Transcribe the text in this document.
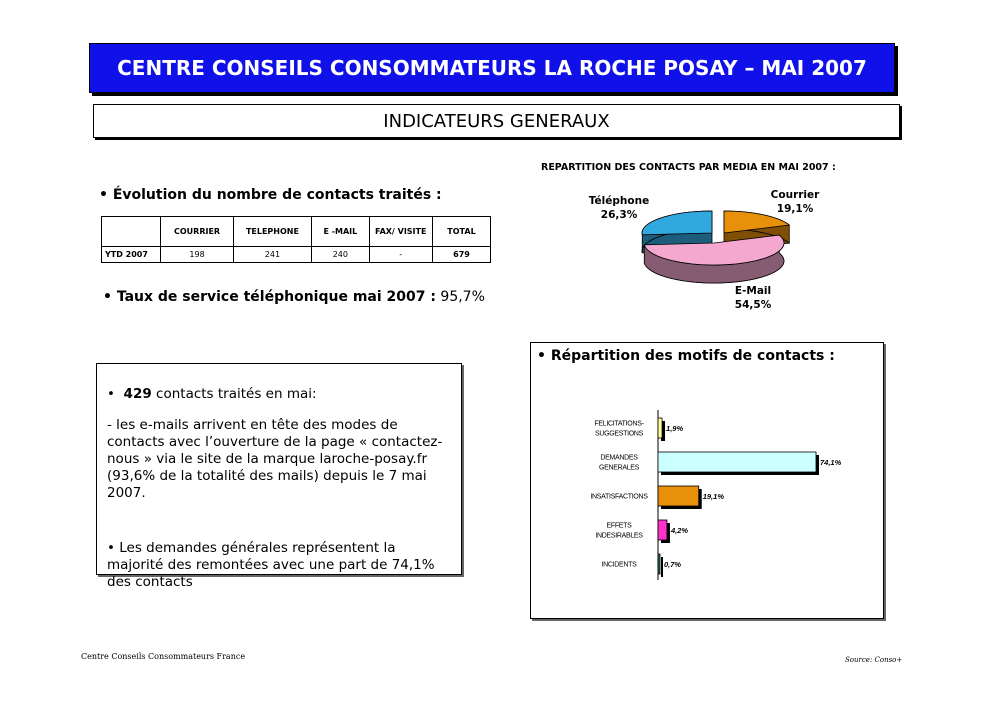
CENTRE CONSEILS CONSOMMATEURS LA ROCHE POSAY – MAI 2007
INDICATEURS GENERAUX
• Évolution du nombre de contacts traités :
	COURRIER	TELEPHONE	E -MAIL	FAX/ VISITE	TOTAL
YTD 2007	198	241	240	-	679
• Taux de service téléphonique mai 2007 : 95,7%
•  429 contacts traités en mai:
- les e-mails arrivent en tête des modes de contacts avec l’ouverture de la page « contactez-nous » via le site de la marque laroche-posay.fr (93,6% de la totalité des mails) depuis le 7 mai 2007.
• Les demandes générales représentent la majorité des remontées avec une part de 74,1% des contacts
REPARTITION DES CONTACTS PAR MEDIA EN MAI 2007 :
Téléphone
26,3%
Courrier
19,1%
E-Mail
54,5%
• Répartition des motifs de contacts :
1,9%
FELICITATIONS-
SUGGESTIONS
74,1%
DEMANDES
GENERALES
19,1%
INSATISFACTIONS
4,2%
EFFETS
INDESIRABLES
0,7%
INCIDENTS
Centre Conseils Consommateurs France	Source: Conso+
